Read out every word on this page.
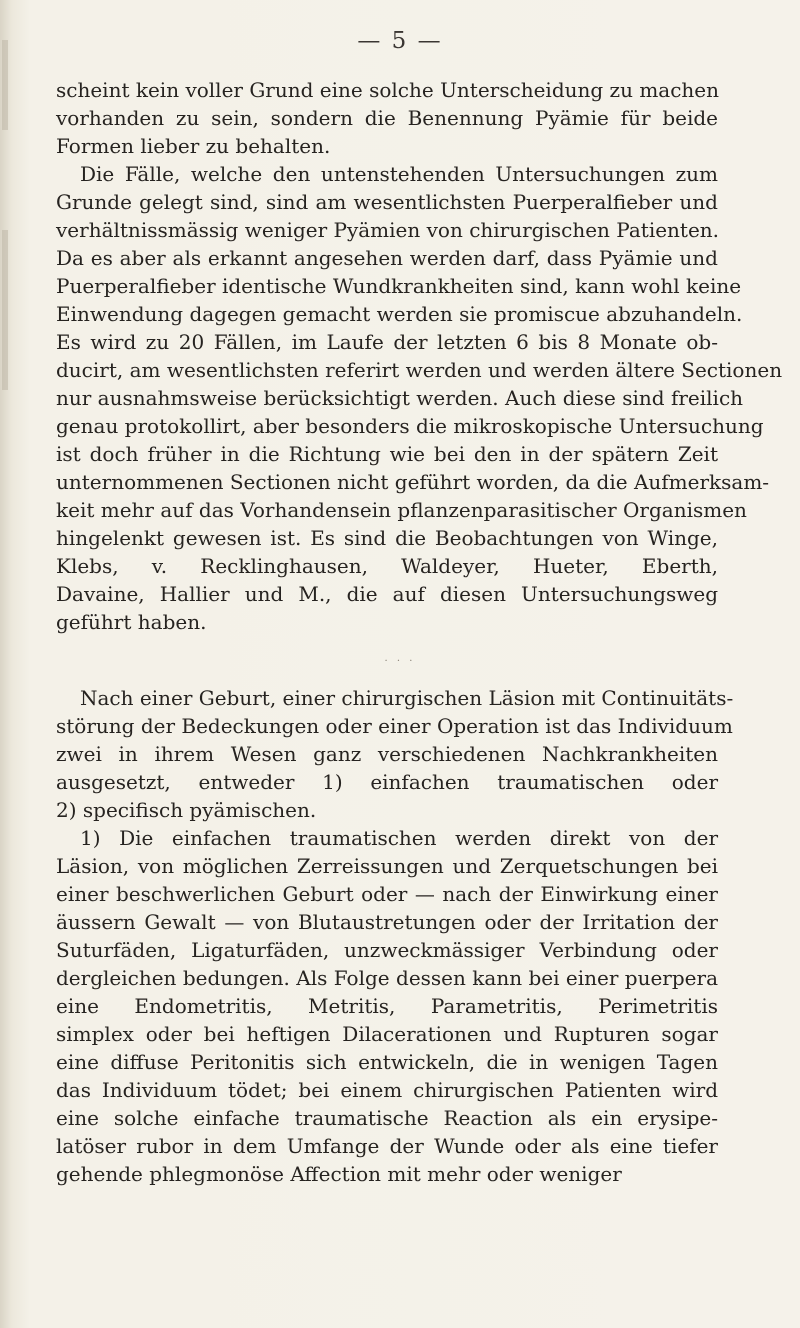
— 5 —
scheint kein voller Grund eine solche Unterscheidung zu machen
vorhanden zu sein, sondern die Benennung Pyämie für beide
Formen lieber zu behalten.
Die Fälle, welche den untenstehenden Untersuchungen zum
Grunde gelegt sind, sind am wesentlichsten Puerperalfieber und
verhältnissmässig weniger Pyämien von chirurgischen Patienten.
Da es aber als erkannt angesehen werden darf, dass Pyämie und
Puerperalfieber identische Wundkrankheiten sind, kann wohl keine
Einwendung dagegen gemacht werden sie promiscue abzuhandeln.
Es wird zu 20 Fällen, im Laufe der letzten 6 bis 8 Monate ob-
ducirt, am wesentlichsten referirt werden und werden ältere Sectionen
nur ausnahmsweise berücksichtigt werden. Auch diese sind freilich
genau protokollirt, aber besonders die mikroskopische Untersuchung
ist doch früher in die Richtung wie bei den in der spätern Zeit
unternommenen Sectionen nicht geführt worden, da die Aufmerksam-
keit mehr auf das Vorhandensein pflanzenparasitischer Organismen
hingelenkt gewesen ist. Es sind die Beobachtungen von Winge,
Klebs, v. Recklinghausen, Waldeyer, Hueter, Eberth,
Davaine, Hallier und M., die auf diesen Untersuchungsweg
geführt haben.
· · ·
Nach einer Geburt, einer chirurgischen Läsion mit Continuitäts-
störung der Bedeckungen oder einer Operation ist das Individuum
zwei in ihrem Wesen ganz verschiedenen Nachkrankheiten
ausgesetzt, entweder 1) einfachen traumatischen oder
2) specifisch pyämischen.
1) Die einfachen traumatischen werden direkt von der
Läsion, von möglichen Zerreissungen und Zerquetschungen bei
einer beschwerlichen Geburt oder — nach der Einwirkung einer
äussern Gewalt — von Blutaustretungen oder der Irritation der
Suturfäden, Ligaturfäden, unzweckmässiger Verbindung oder
dergleichen bedungen. Als Folge dessen kann bei einer puerpera
eine Endometritis, Metritis, Parametritis, Perimetritis
simplex oder bei heftigen Dilacerationen und Rupturen sogar
eine diffuse Peritonitis sich entwickeln, die in wenigen Tagen
das Individuum tödet; bei einem chirurgischen Patienten wird
eine solche einfache traumatische Reaction als ein erysipe-
latöser rubor in dem Umfange der Wunde oder als eine tiefer
gehende phlegmonöse Affection mit mehr oder weniger
